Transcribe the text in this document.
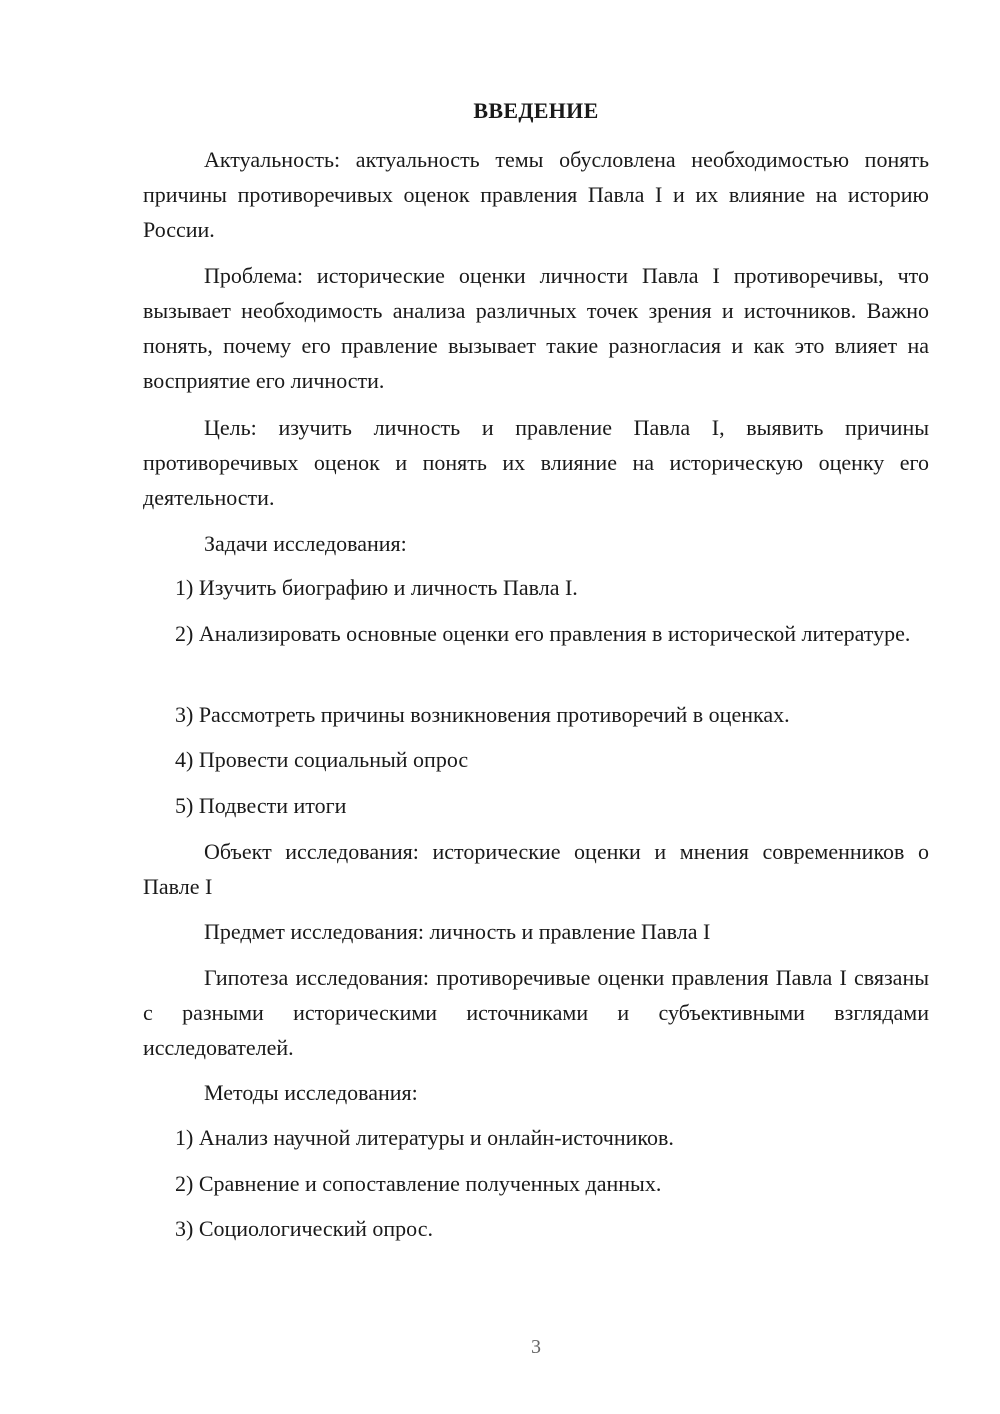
ВВЕДЕНИЕ

Актуальность: актуальность темы обусловлена необходимостью понять причины противоречивых оценок правления Павла I и их влияние на историю России.

Проблема: исторические оценки личности Павла I противоречивы, что вызывает необходимость анализа различных точек зрения и источников. Важно понять, почему его правление вызывает такие разногласия и как это влияет на восприятие его личности.

Цель: изучить личность и правление Павла I, выявить причины противоречивых оценок и понять их влияние на историческую оценку его деятельности.

Задачи исследования:

1) Изучить биографию и личность Павла I.

2) Анализировать основные оценки его правления в исторической литературе.

3) Рассмотреть причины возникновения противоречий в оценках.

4) Провести социальный опрос

5) Подвести итоги

Объект исследования: исторические оценки и мнения современников о Павле I

Предмет исследования: личность и правление Павла I

Гипотеза исследования: противоречивые оценки правления Павла I связаны с разными историческими источниками и субъективными взглядами исследователей.

Методы исследования:

1) Анализ научной литературы и онлайн-источников.

2) Сравнение и сопоставление полученных данных.

3) Социологический опрос.

3
